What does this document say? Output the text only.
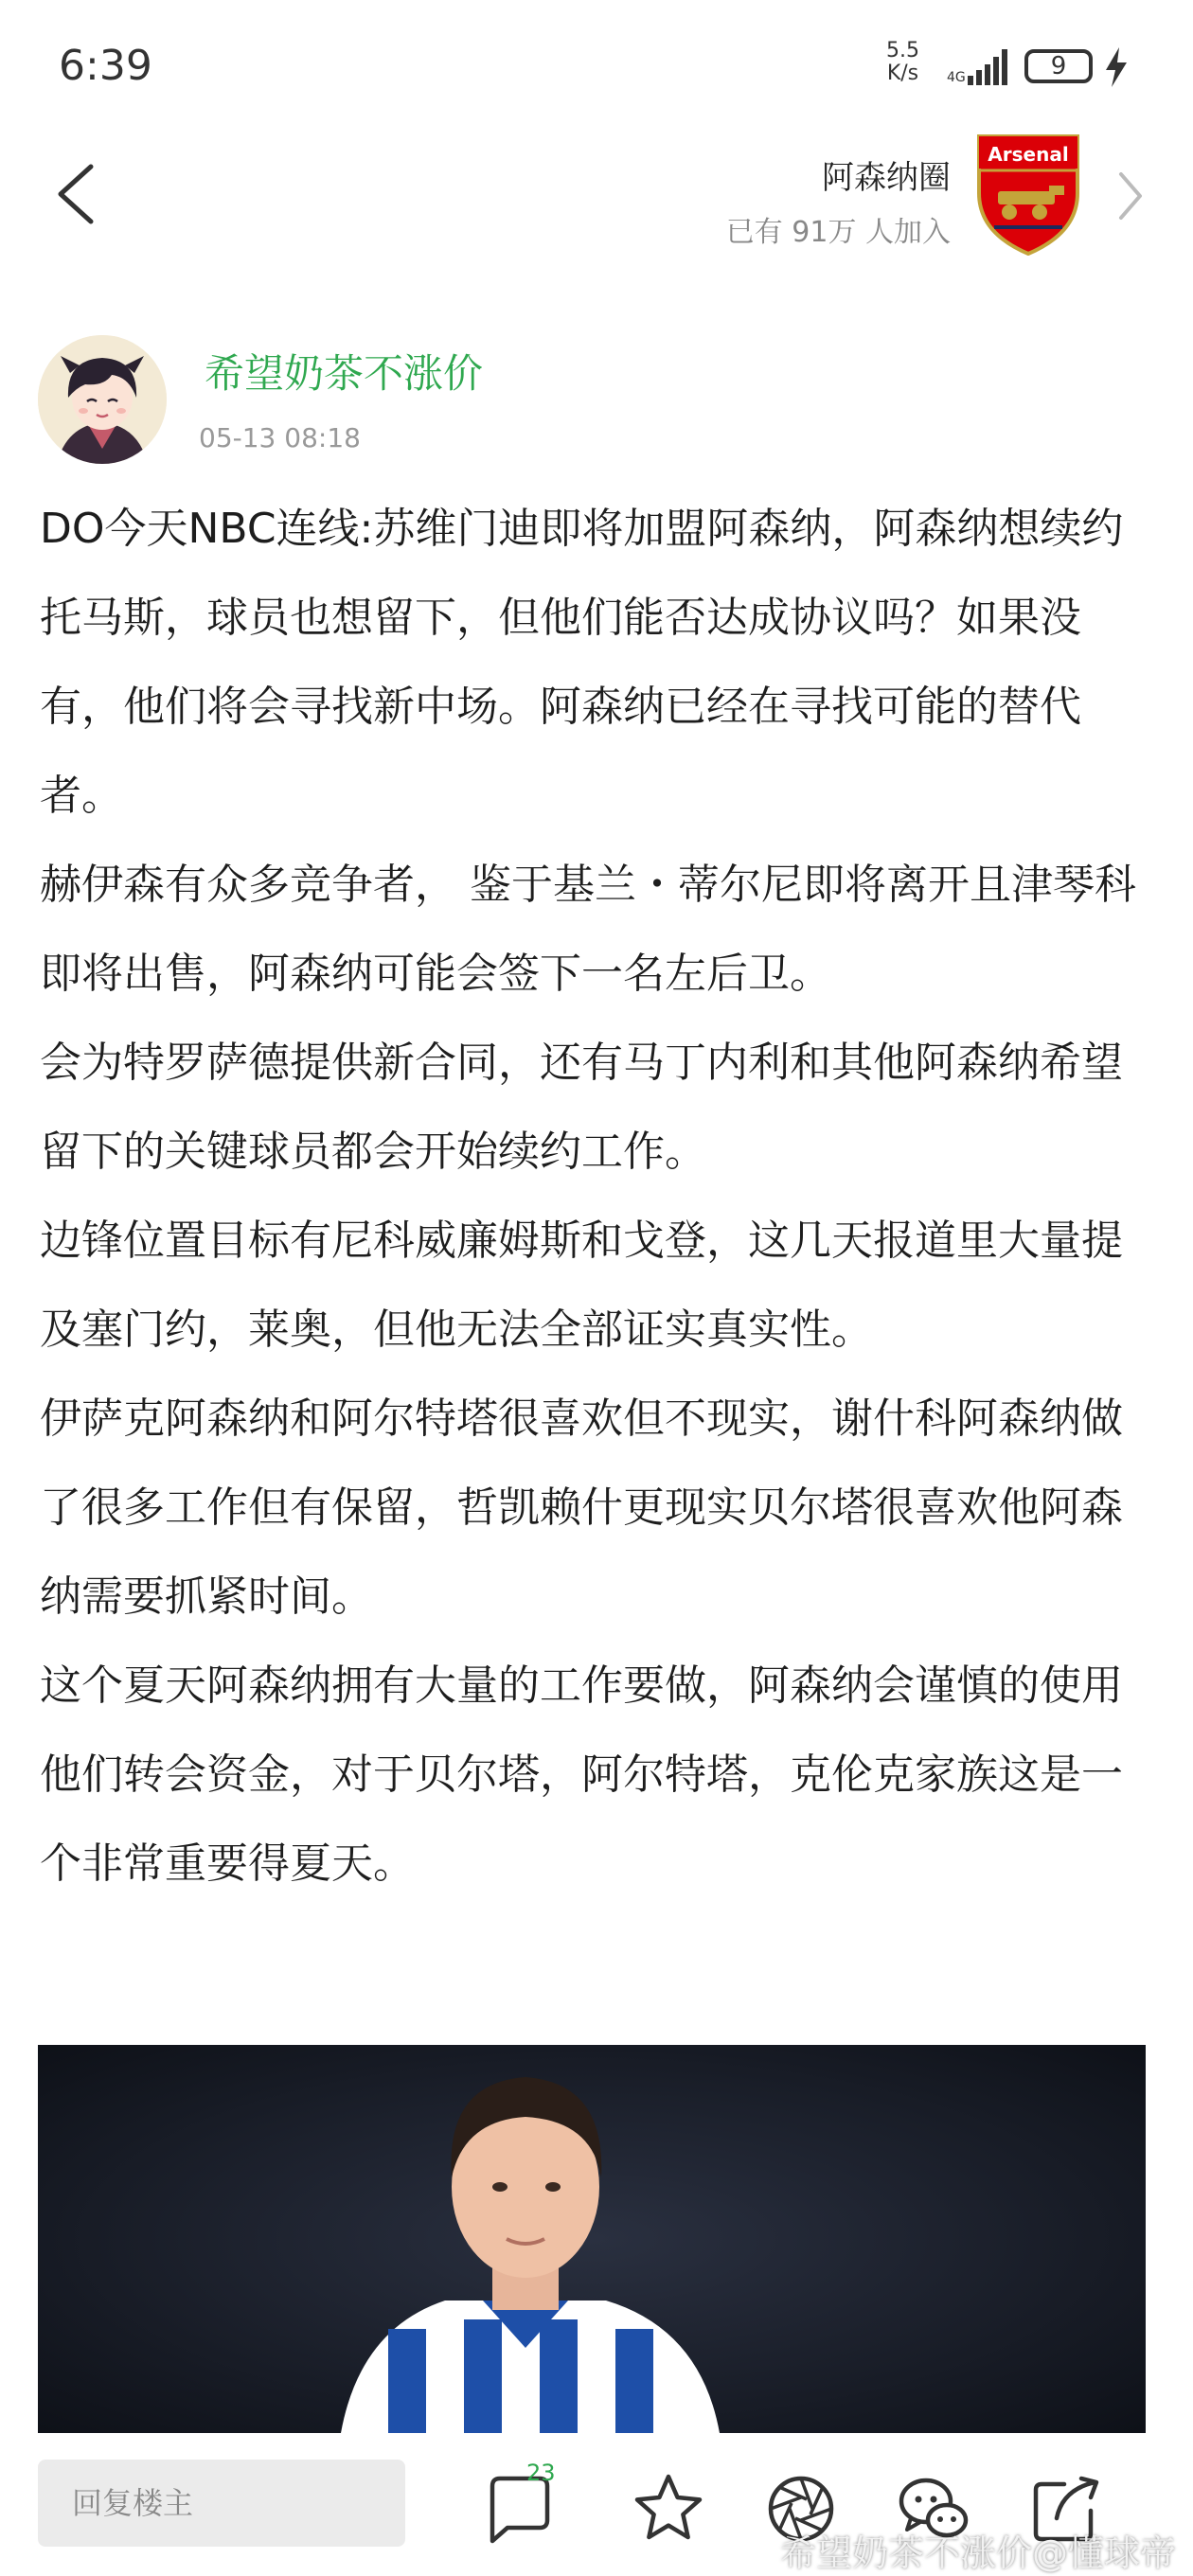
6:39	5.5
K/s 4G	9
阿森纳圈
已有 91万 人加入
Arsenal
希望奶茶不涨价
05-13 08:18

DO今天NBC连线:苏维门迪即将加盟阿森纳，阿森纳想续约托马斯，球员也想留下，但他们能否达成协议吗？如果没有，他们将会寻找新中场。阿森纳已经在寻找可能的替代者。

赫伊森有众多竞争者， 鉴于基兰・蒂尔尼即将离开且津琴科即将出售，阿森纳可能会签下一名左后卫。

会为特罗萨德提供新合同，还有马丁内利和其他阿森纳希望留下的关键球员都会开始续约工作。

边锋位置目标有尼科威廉姆斯和戈登，这几天报道里大量提及塞门约，莱奥，但他无法全部证实真实性。

伊萨克阿森纳和阿尔特塔很喜欢但不现实，谢什科阿森纳做了很多工作但有保留，哲凯赖什更现实贝尔塔很喜欢他阿森纳需要抓紧时间。

这个夏天阿森纳拥有大量的工作要做，阿森纳会谨慎的使用他们转会资金，对于贝尔塔，阿尔特塔，克伦克家族这是一个非常重要得夏天。

回复楼主
23
希望奶茶不涨价@懂球帝
